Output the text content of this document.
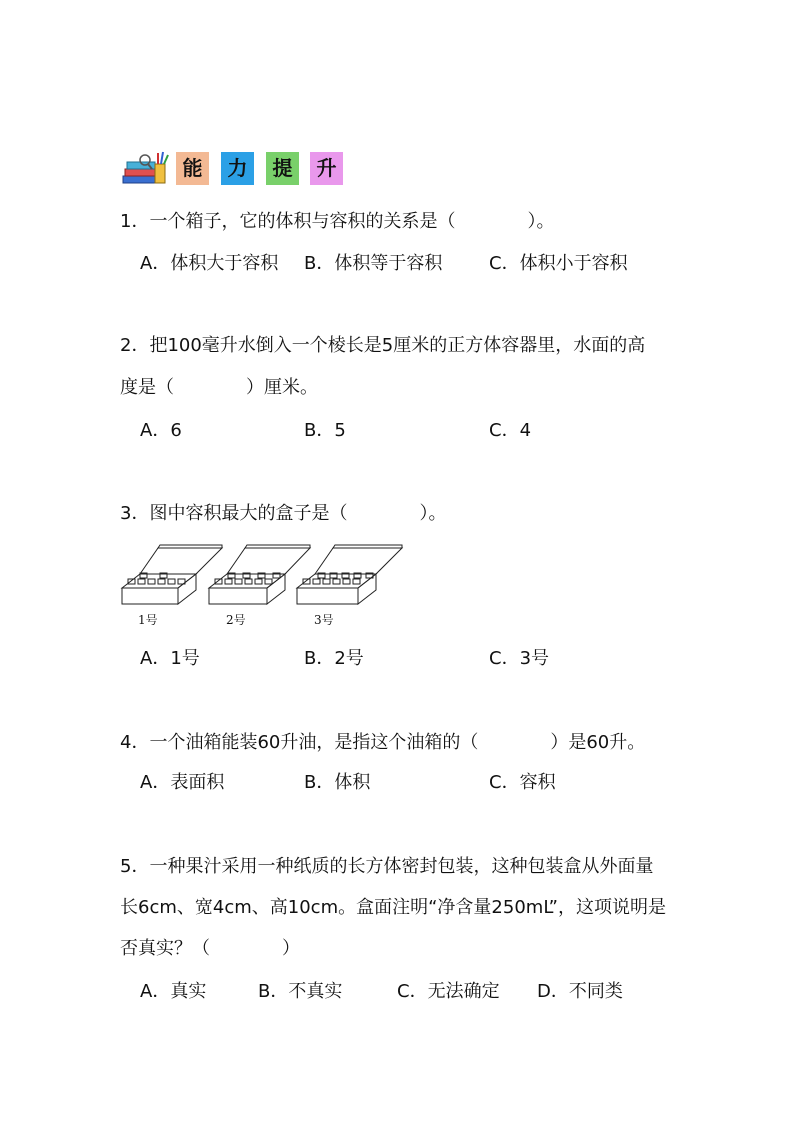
能	力	提	升
1．一个箱子，它的体积与容积的关系是（　　　　）。
A．体积大于容积 B．体积等于容积	C．体积小于容积
2．把100毫升水倒入一个棱长是5厘米的正方体容器里，水面的高
度是（　　　　）厘米。
A．6	B．5	C．4
3．图中容积最大的盒子是（　　　　）。
1号	2号	3号
A．1号	B．2号	C．3号
4．一个油箱能装60升油，是指这个油箱的（　　　　）是60升。
A．表面积	B．体积	C．容积
5．一种果汁采用一种纸质的长方体密封包装，这种包装盒从外面量
长6cm、宽4cm、高10cm。盒面注明“净含量250mL”，这项说明是
否真实？（　　　　）
A．真实	B．不真实	C．无法确定 D．不同类
